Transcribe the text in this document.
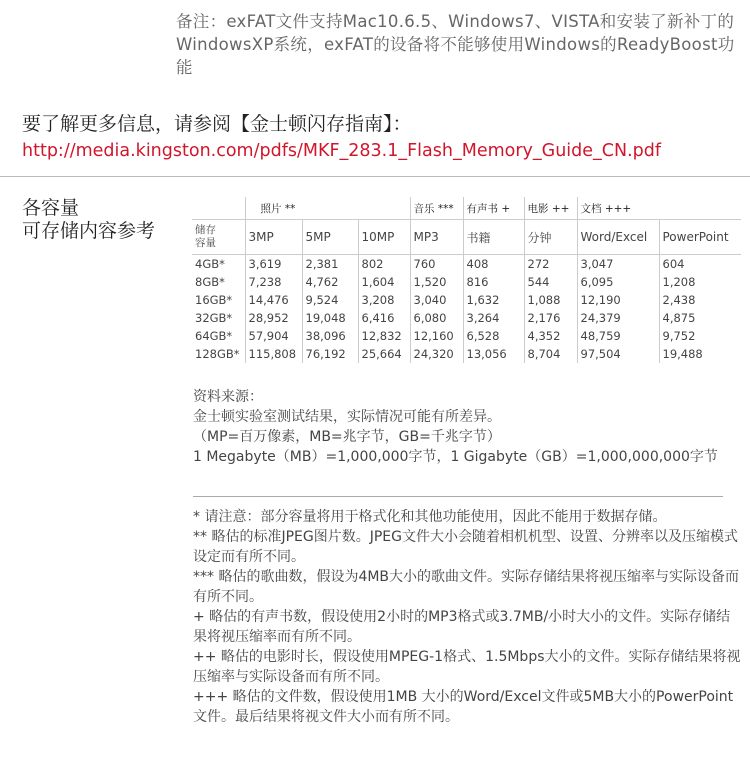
备注：exFAT文件支持Mac10.6.5、Windows7、VISTA和安装了新补丁的WindowsXP系统，exFAT的设备将不能够使用Windows的ReadyBoost功能
要了解更多信息，请参阅【金士顿闪存指南】：
http://media.kingston.com/pdfs/MKF_283.1_Flash_Memory_Guide_CN.pdf
各容量
可存储内容参考
	照片 **			音乐 ***	有声书 +	电影 ++	文档 +++	

储存
容量	3MP	5MP	10MP	MP3	书籍	分钟	Word/Excel	PowerPoint
4GB*	3,619	2,381	802	760	408	272	3,047	604
8GB*	7,238	4,762	1,604	1,520	816	544	6,095	1,208
16GB*	14,476	9,524	3,208	3,040	1,632	1,088	12,190	2,438
32GB*	28,952	19,048	6,416	6,080	3,264	2,176	24,379	4,875
64GB*	57,904	38,096	12,832	12,160	6,528	4,352	48,759	9,752
128GB*	115,808	76,192	25,664	24,320	13,056	8,704	97,504	19,488
资料来源：
金士顿实验室测试结果，实际情况可能有所差异。
（MP=百万像素，MB=兆字节，GB=千兆字节）
1 Megabyte（MB）=1,000,000字节，1 Gigabyte（GB）=1,000,000,000字节

* 请注意：部分容量将用于格式化和其他功能使用，因此不能用于数据存储。

** 略估的标准JPEG图片数。JPEG文件大小会随着相机机型、设置、分辨率以及压缩模式设定而有所不同。

*** 略估的歌曲数，假设为4MB大小的歌曲文件。实际存储结果将视压缩率与实际设备而有所不同。

+ 略估的有声书数，假设使用2小时的MP3格式或3.7MB/小时大小的文件。实际存储结果将视压缩率而有所不同。

++ 略估的电影时长，假设使用MPEG-1格式、1.5Mbps大小的文件。实际存储结果将视压缩率与实际设备而有所不同。

+++ 略估的文件数，假设使用1MB 大小的Word/Excel文件或5MB大小的PowerPoint文件。最后结果将视文件大小而有所不同。
